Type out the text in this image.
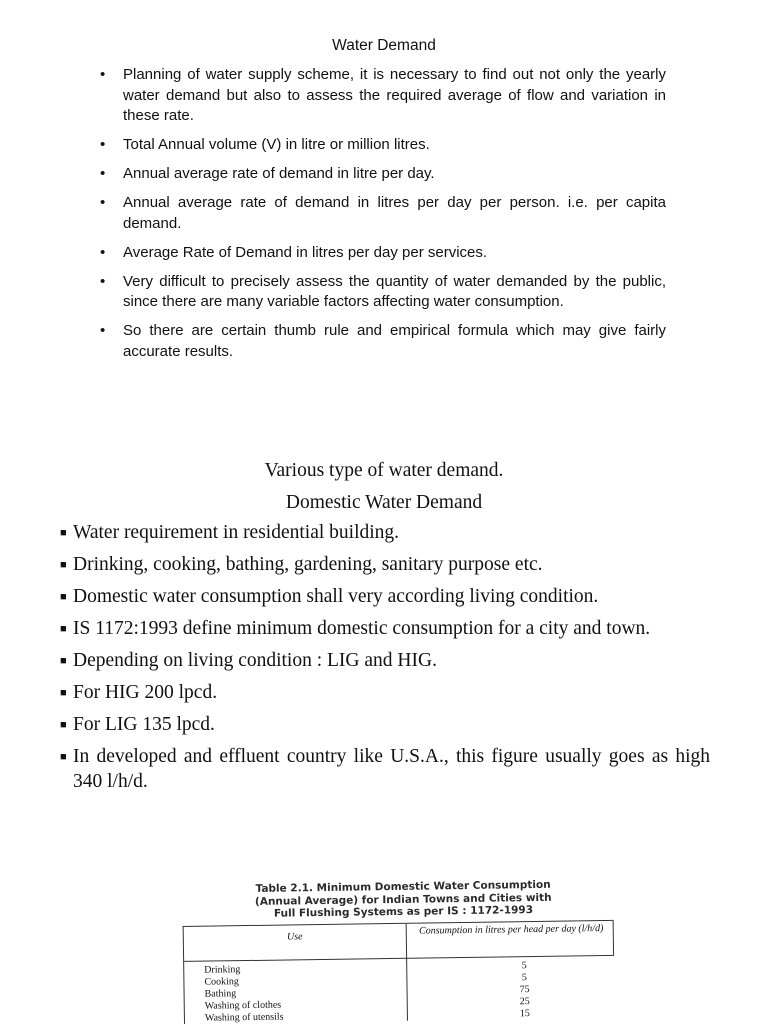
Water Demand
• Planning of water supply scheme, it is necessary to find out not only the yearly water demand but also to assess the required average of flow and variation in these rate.
• Total Annual volume (V) in litre or million litres.
• Annual average rate of demand in litre per day.
• Annual average rate of demand in litres per day per person. i.e. per capita demand.
• Average Rate of Demand in litres per day per services.
• Very difficult to precisely assess the quantity of water demanded by the public, since there are many variable factors affecting water consumption.
• So there are certain thumb rule and empirical formula which may give fairly accurate results.
Various type of water demand.
Domestic Water Demand
■ Water requirement in residential building.
■ Drinking, cooking, bathing, gardening, sanitary purpose etc.
■ Domestic water consumption shall very according living condition.
■ IS 1172:1993 define minimum domestic consumption for a city and town.
■ Depending on living condition : LIG and HIG.
■ For HIG 200 lpcd.
■ For LIG 135 lpcd.
■ In developed and effluent country like U.S.A., this figure usually goes as high 340 l/h/d.
Table 2.1. Minimum Domestic Water Consumption
(Annual Average) for Indian Towns and Cities with
Full Flushing Systems as per IS : 1172-1993
Use
Consumption in litres per head per day (l/h/d)
Drinking	5
Cooking	5
Bathing	75
Washing of clothes	25
Washing of utensils	15
